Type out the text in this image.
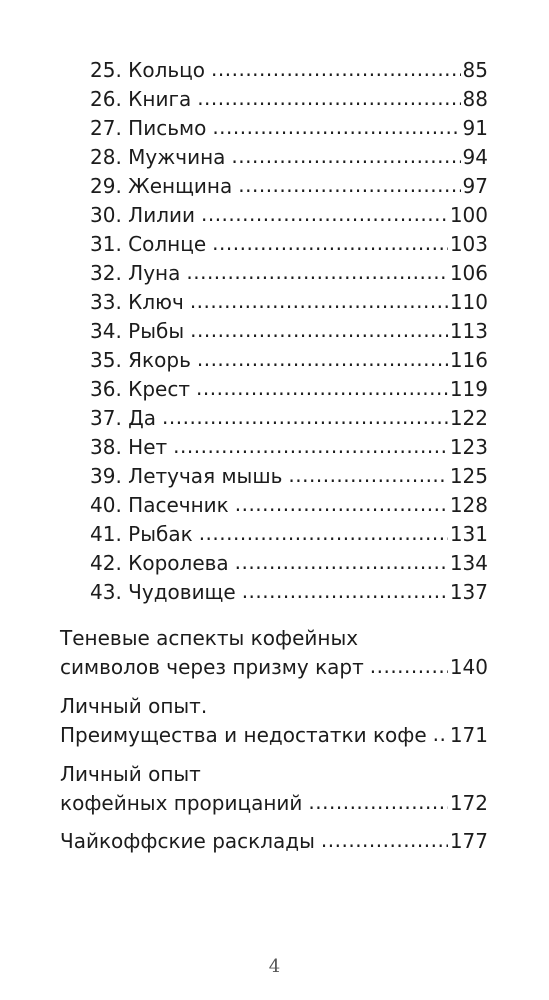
25. Кольцо .....	85
26. Книга .....	88
27. Письмо .....	91
28. Мужчина .....	94
29. Женщина .....	97
30. Лилии .....	100
31. Солнце .....	103
32. Луна .....	106
33. Ключ .....	110
34. Рыбы .....	113
35. Якорь .....	116
36. Крест .....	119
37. Да .....	122
38. Нет .....	123
39. Летучая мышь .....	125
40. Пасечник .....	128
41. Рыбак .....	131
42. Королева .....	134
43. Чудовище .....	137
Теневые аспекты кофейных
символов через призму карт .....	140
Личный опыт.
Преимущества и недостатки кофе ..... 171
Личный опыт
кофейных прорицаний .....	172
Чайкоффские расклады .....	177
4
